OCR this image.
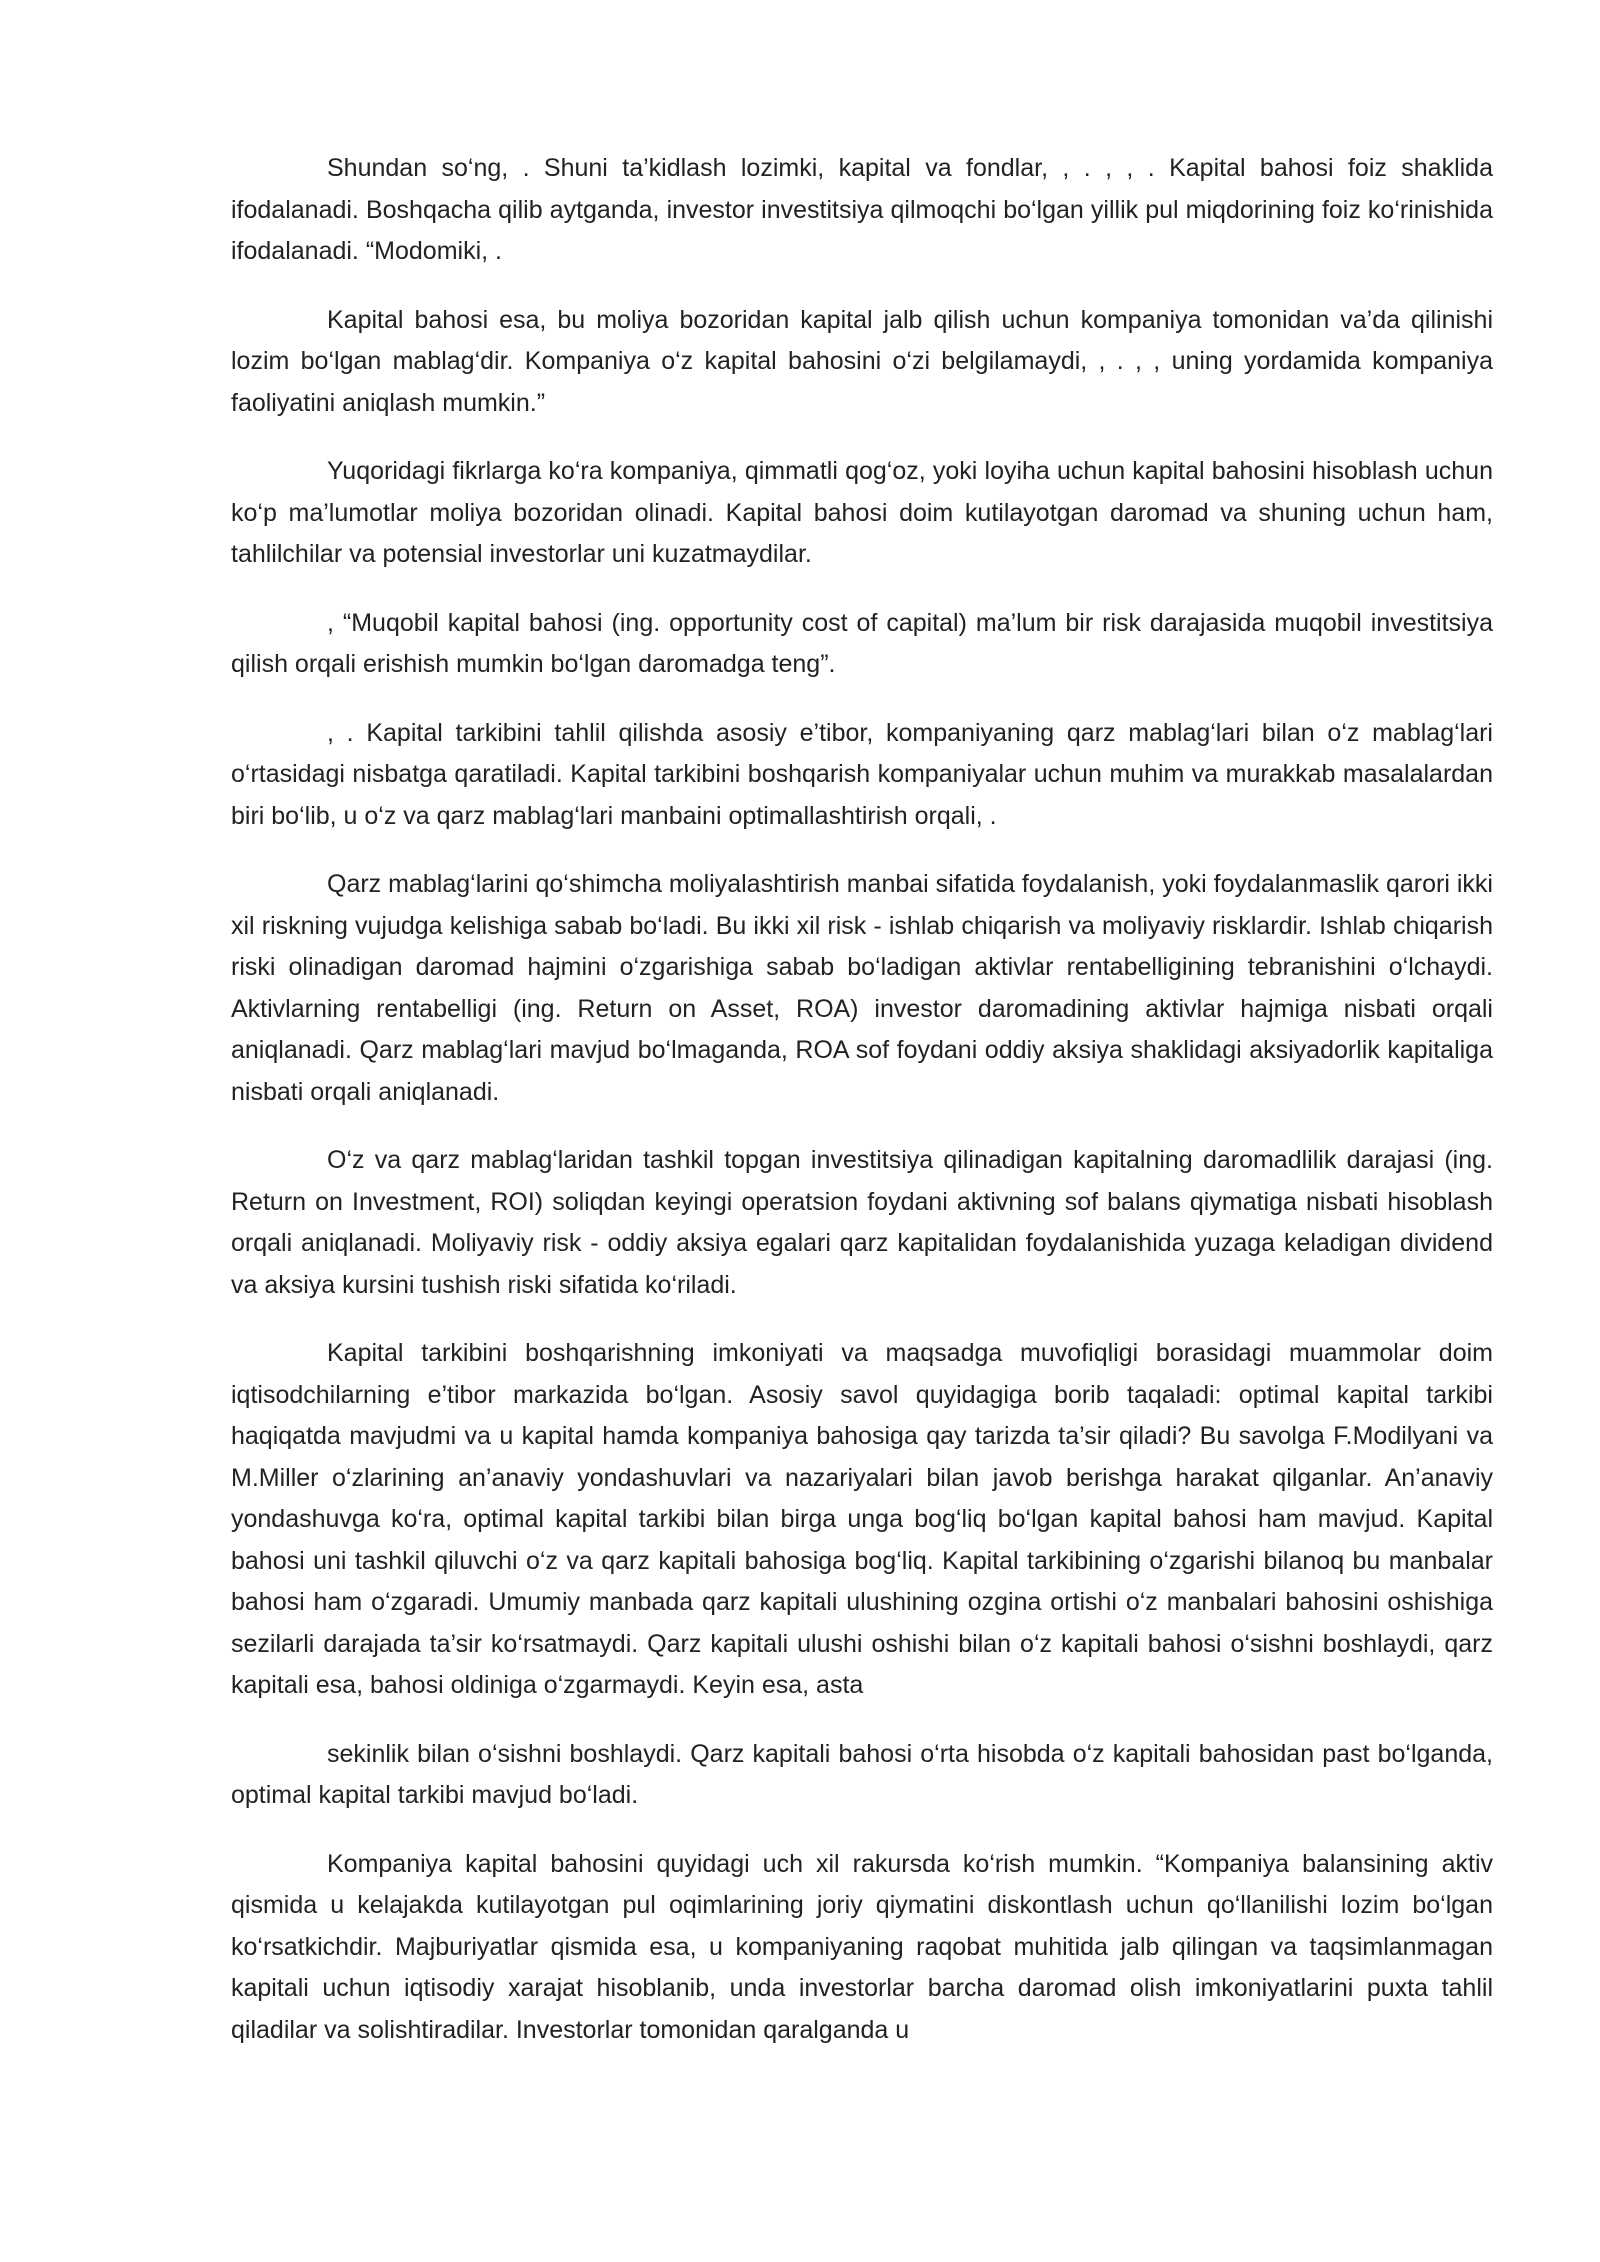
Shundan so‘ng, . Shuni ta’kidlash lozimki, kapital va fondlar, , . , , . Kapital bahosi foiz shaklida ifodalanadi. Boshqacha qilib aytganda, investor investitsiya qilmoqchi bo‘lgan yillik pul miqdorining foiz ko‘rinishida ifodalanadi. “Modomiki, .

Kapital bahosi esa, bu moliya bozoridan kapital jalb qilish uchun kompaniya tomonidan va’da qilinishi lozim bo‘lgan mablag‘dir. Kompaniya o‘z kapital bahosini o‘zi belgilamaydi, , . , , uning yordamida kompaniya faoliyatini aniqlash mumkin.”

Yuqoridagi fikrlarga ko‘ra kompaniya, qimmatli qog‘oz, yoki loyiha uchun kapital bahosini hisoblash uchun ko‘p ma’lumotlar moliya bozoridan olinadi. Kapital bahosi doim kutilayotgan daromad va shuning uchun ham, tahlilchilar va potensial investorlar uni kuzatmaydilar.

, “Muqobil kapital bahosi (ing. opportunity cost of capital) ma’lum bir risk darajasida muqobil investitsiya qilish orqali erishish mumkin bo‘lgan daromadga teng”.

, . Kapital tarkibini tahlil qilishda asosiy e’tibor, kompaniyaning qarz mablag‘lari bilan o‘z mablag‘lari o‘rtasidagi nisbatga qaratiladi. Kapital tarkibini boshqarish kompaniyalar uchun muhim va murakkab masalalardan biri bo‘lib, u o‘z va qarz mablag‘lari manbaini optimallashtirish orqali, .

Qarz mablag‘larini qo‘shimcha moliyalashtirish manbai sifatida foydalanish, yoki foydalanmaslik qarori ikki xil riskning vujudga kelishiga sabab bo‘ladi. Bu ikki xil risk - ishlab chiqarish va moliyaviy risklardir. Ishlab chiqarish riski olinadigan daromad hajmini o‘zgarishiga sabab bo‘ladigan aktivlar rentabelligining tebranishini o‘lchaydi. Aktivlarning rentabelligi (ing. Return on Asset, ROA) investor daromadining aktivlar hajmiga nisbati orqali aniqlanadi. Qarz mablag‘lari mavjud bo‘lmaganda, ROA sof foydani oddiy aksiya shaklidagi aksiyadorlik kapitaliga nisbati orqali aniqlanadi.

O‘z va qarz mablag‘laridan tashkil topgan investitsiya qilinadigan kapitalning daromadlilik darajasi (ing. Return on Investment, ROI) soliqdan keyingi operatsion foydani aktivning sof balans qiymatiga nisbati hisoblash orqali aniqlanadi. Moliyaviy risk - oddiy aksiya egalari qarz kapitalidan foydalanishida yuzaga keladigan dividend va aksiya kursini tushish riski sifatida ko‘riladi.

Kapital tarkibini boshqarishning imkoniyati va maqsadga muvofiqligi borasidagi muammolar doim iqtisodchilarning e’tibor markazida bo‘lgan. Asosiy savol quyidagiga borib taqaladi: optimal kapital tarkibi haqiqatda mavjudmi va u kapital hamda kompaniya bahosiga qay tarizda ta’sir qiladi? Bu savolga F.Modilyani va M.Miller o‘zlarining an’anaviy yondashuvlari va nazariyalari bilan javob berishga harakat qilganlar. An’anaviy yondashuvga ko‘ra, optimal kapital tarkibi bilan birga unga bog‘liq bo‘lgan kapital bahosi ham mavjud. Kapital bahosi uni tashkil qiluvchi o‘z va qarz kapitali bahosiga bog‘liq. Kapital tarkibining o‘zgarishi bilanoq bu manbalar bahosi ham o‘zgaradi. Umumiy manbada qarz kapitali ulushining ozgina ortishi o‘z manbalari bahosini oshishiga sezilarli darajada ta’sir ko‘rsatmaydi. Qarz kapitali ulushi oshishi bilan o‘z kapitali bahosi o‘sishni boshlaydi, qarz kapitali esa, bahosi oldiniga o‘zgarmaydi. Keyin esa, asta

sekinlik bilan o‘sishni boshlaydi. Qarz kapitali bahosi o‘rta hisobda o‘z kapitali bahosidan past bo‘lganda, optimal kapital tarkibi mavjud bo‘ladi.

Kompaniya kapital bahosini quyidagi uch xil rakursda ko‘rish mumkin. “Kompaniya balansining aktiv qismida u kelajakda kutilayotgan pul oqimlarining joriy qiymatini diskontlash uchun qo‘llanilishi lozim bo‘lgan ko‘rsatkichdir. Majburiyatlar qismida esa, u kompaniyaning raqobat muhitida jalb qilingan va taqsimlanmagan kapitali uchun iqtisodiy xarajat hisoblanib, unda investorlar barcha daromad olish imkoniyatlarini puxta tahlil qiladilar va solishtiradilar. Investorlar tomonidan qaralganda u
